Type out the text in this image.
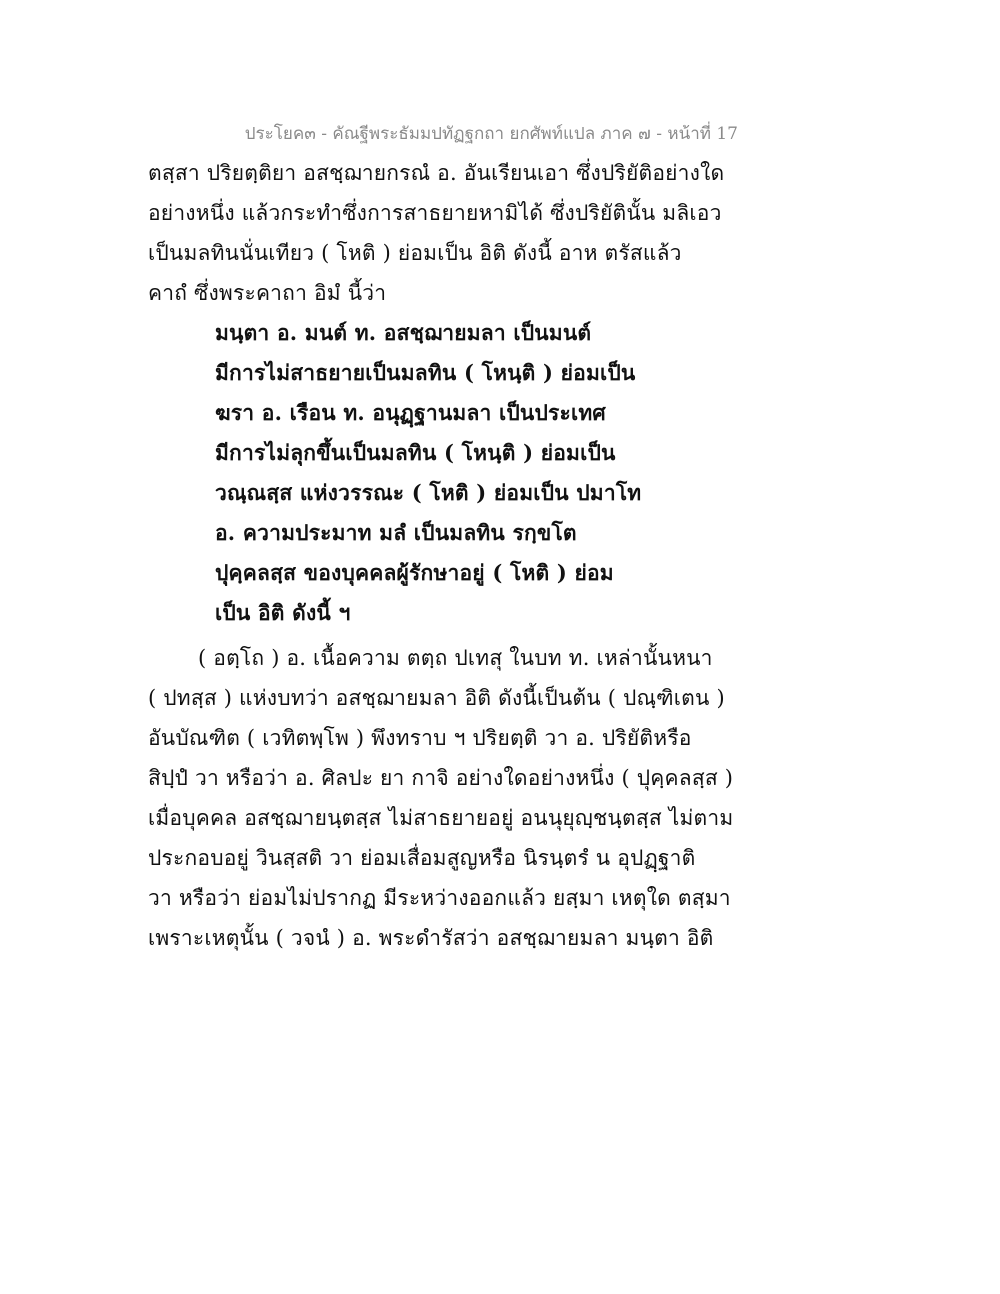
ประโยค๓ - คัณฐีพระธัมมปทัฏฐกถา ยกศัพท์แปล ภาค ๗ - หน้าที่ 17
ตสฺสา ปริยตฺติยา อสชฺฌายกรณํ อ. อันเรียนเอา ซึ่งปริยัติอย่างใด
อย่างหนึ่ง แล้วกระทำซึ่งการสาธยายหามิได้ ซึ่งปริยัตินั้น มลิเอว
เป็นมลทินนั่นเทียว ( โหติ ) ย่อมเป็น อิติ ดังนี้ อาห ตรัสแล้ว
คาถํ ซึ่งพระคาถา อิมํ นี้ว่า
มนฺตา อ. มนต์ ท. อสชฺฌายมลา เป็นมนต์
มีการไม่สาธยายเป็นมลทิน ( โหนฺติ ) ย่อมเป็น
ฆรา อ. เรือน ท. อนุฏฺฐานมลา เป็นประเทศ
มีการไม่ลุกขึ้นเป็นมลทิน ( โหนฺติ ) ย่อมเป็น
วณฺณสฺส แห่งวรรณะ ( โหติ ) ย่อมเป็น ปมาโท
อ. ความประมาท มลํ เป็นมลทิน รกฺขโต
ปุคฺคลสฺส ของบุคคลผู้รักษาอยู่ ( โหติ ) ย่อม
เป็น อิติ ดังนี้ ฯ
( อตฺโถ ) อ. เนื้อความ ตตฺถ ปเทสุ ในบท ท. เหล่านั้นหนา
( ปทสฺส ) แห่งบทว่า อสชฺฌายมลา อิติ ดังนี้เป็นต้น ( ปณฺฑิเตน )
อันบัณฑิต ( เวทิตพฺโพ ) พึงทราบ ฯ ปริยตฺติ วา อ. ปริยัติหรือ
สิปฺปํ วา หรือว่า อ. ศิลปะ ยา กาจิ อย่างใดอย่างหนึ่ง ( ปุคฺคลสฺส )
เมื่อบุคคล อสชฺฌายนฺตสฺส ไม่สาธยายอยู่ อนนุยุญฺชนฺตสฺส ไม่ตาม
ประกอบอยู่ วินสฺสติ วา ย่อมเสื่อมสูญหรือ นิรนฺตรํ น อุปฏฺฐาติ
วา หรือว่า ย่อมไม่ปรากฏ มีระหว่างออกแล้ว ยสฺมา เหตุใด ตสฺมา
เพราะเหตุนั้น ( วจนํ ) อ. พระดำรัสว่า อสชฺฌายมลา มนฺตา อิติ
